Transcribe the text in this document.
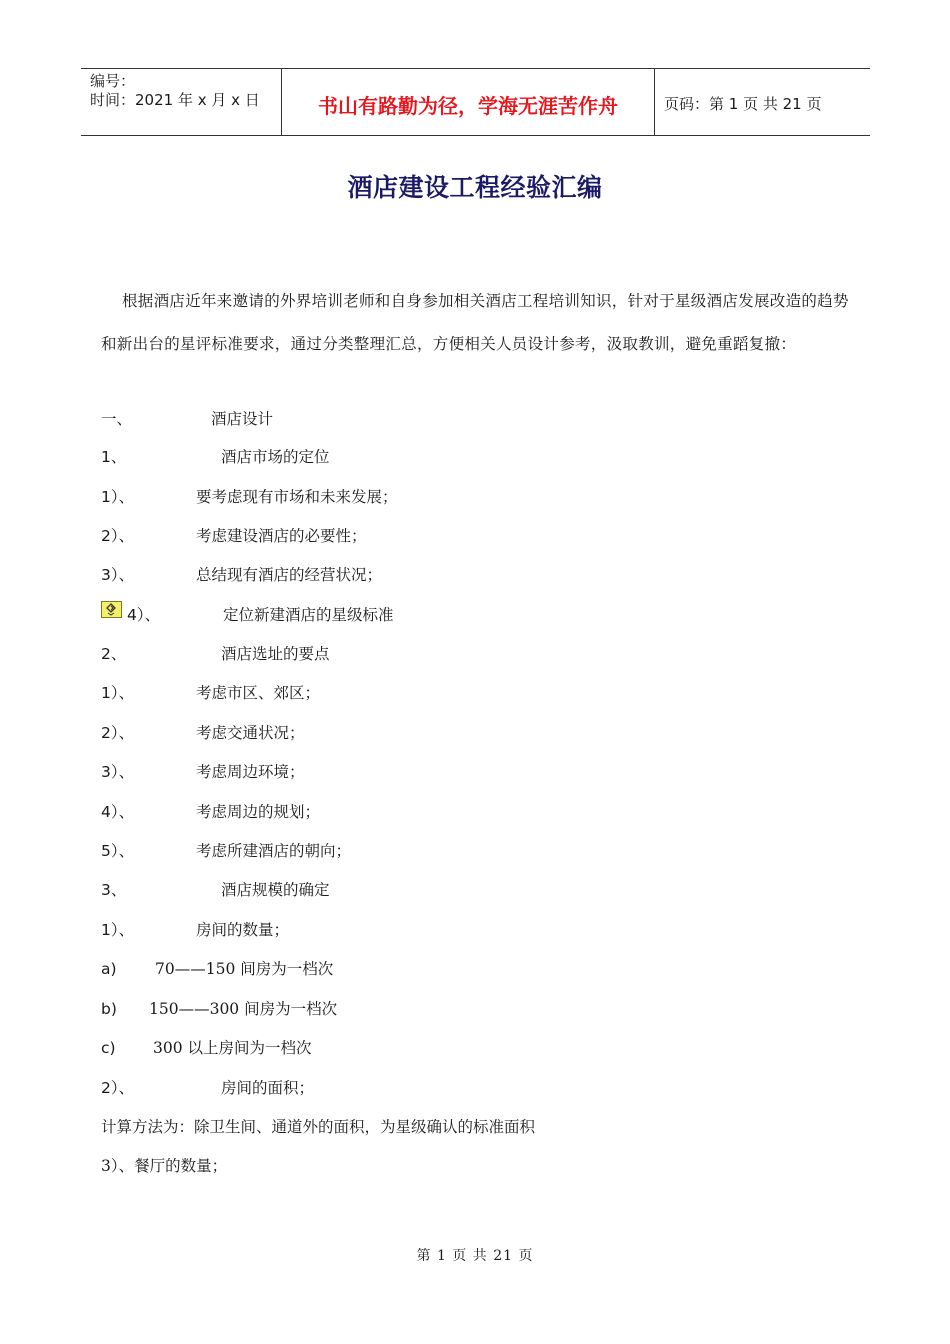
编号：
时间：2021 年 x 月 x 日	书山有路勤为径，学海无涯苦作舟	页码：第 1 页 共 21 页
酒店建设工程经验汇编
根据酒店近年来邀请的外界培训老师和自身参加相关酒店工程培训知识，针对于星级酒店发展改造的趋势和新出台的星评标准要求，通过分类整理汇总，方便相关人员设计参考，汲取教训，避免重蹈复撤：
一、	酒店设计
1、	酒店市场的定位
1）、	要考虑现有市场和未来发展；
2）、	考虑建设酒店的必要性；
3）、	总结现有酒店的经营状况；
4）、	定位新建酒店的星级标准
2、	酒店选址的要点
1）、	考虑市区、郊区；
2）、	考虑交通状况；
3）、	考虑周边环境；
4）、	考虑周边的规划；
5）、	考虑所建酒店的朝向；
3、	酒店规模的确定
1）、	房间的数量；
a) 70——150 间房为一档次
b) 150——300 间房为一档次
c) 300 以上房间为一档次
2）、	房间的面积；
计算方法为：除卫生间、通道外的面积，为星级确认的标准面积
3）、餐厅的数量；
第 1 页 共 21 页
